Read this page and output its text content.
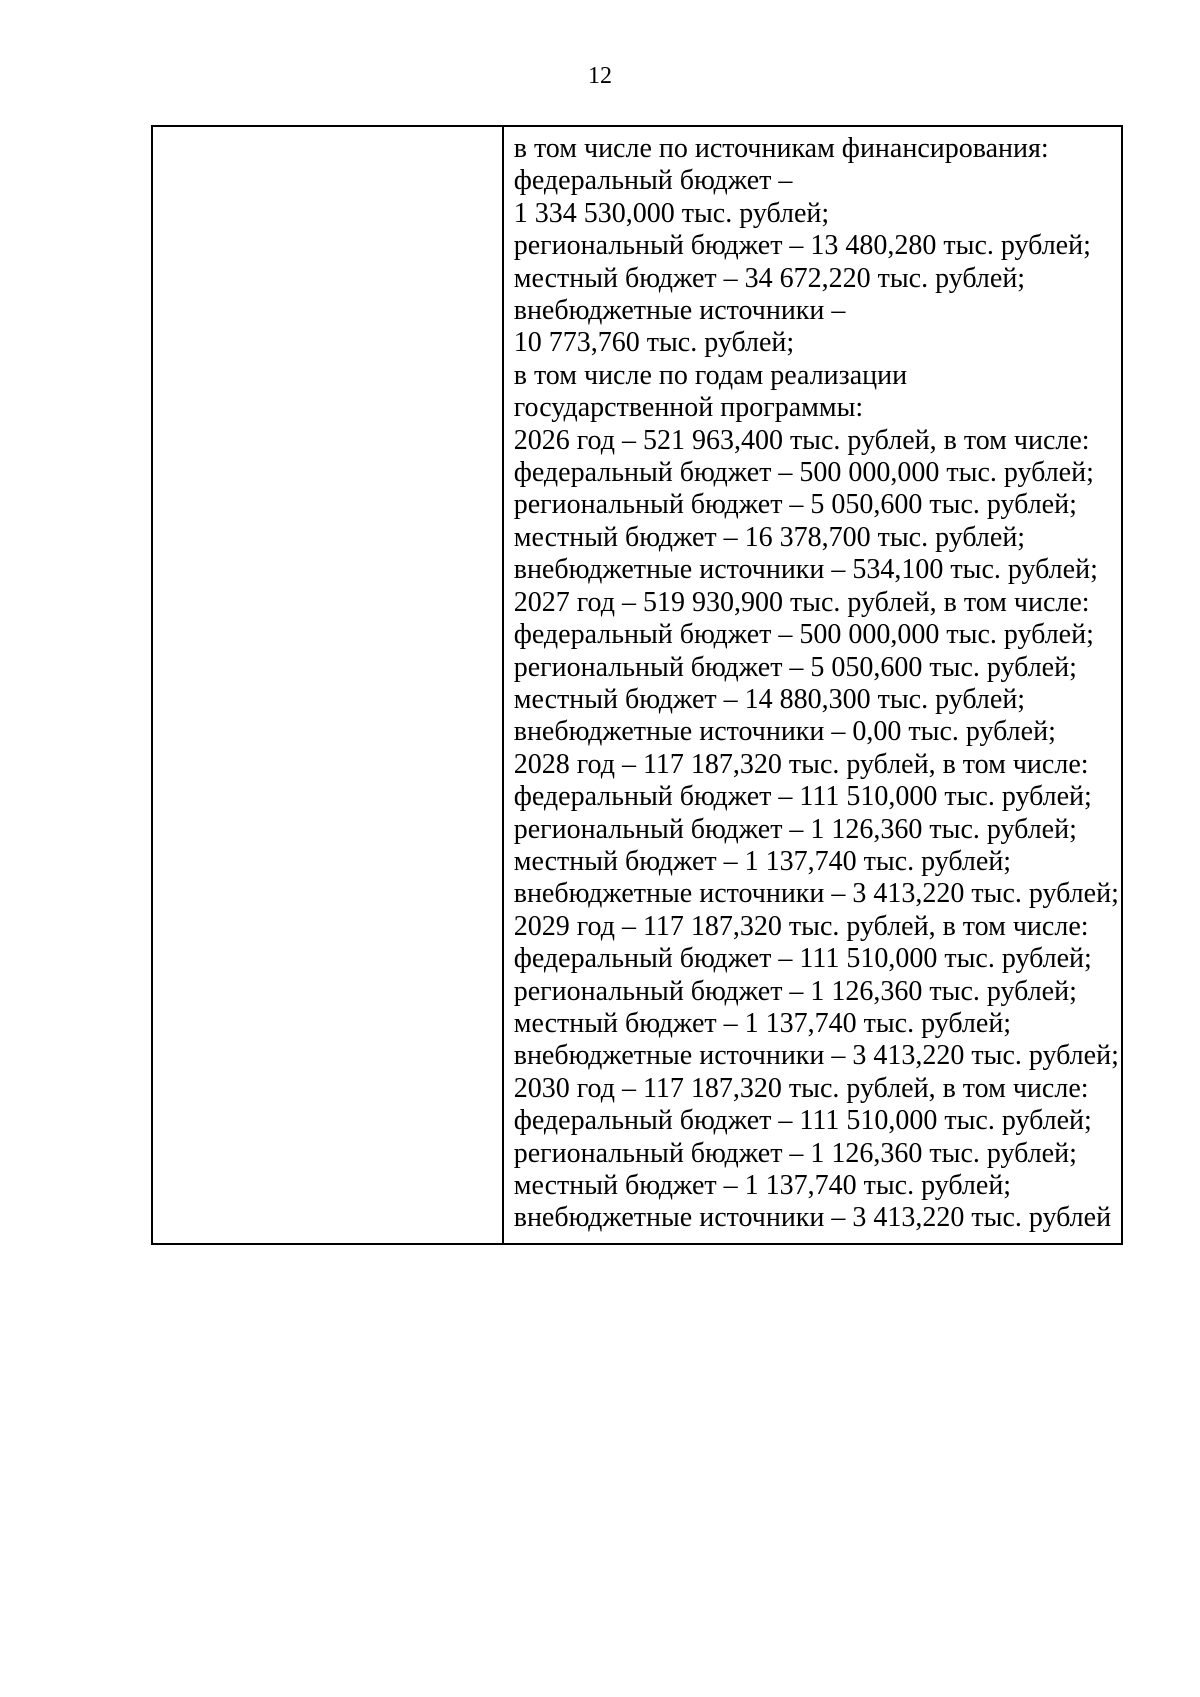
12

в том числе по источникам финансирования:
федеральный бюджет –
1 334 530,000 тыс. рублей;
региональный бюджет – 13 480,280 тыс. рублей;
местный бюджет – 34 672,220 тыс. рублей;
внебюджетные источники –
10 773,760 тыс. рублей;
в том числе по годам реализации
государственной программы:
2026 год – 521 963,400 тыс. рублей, в том числе:
федеральный бюджет – 500 000,000 тыс. рублей;
региональный бюджет – 5 050,600 тыс. рублей;
местный бюджет – 16 378,700 тыс. рублей;
внебюджетные источники – 534,100 тыс. рублей;
2027 год – 519 930,900 тыс. рублей, в том числе:
федеральный бюджет – 500 000,000 тыс. рублей;
региональный бюджет – 5 050,600 тыс. рублей;
местный бюджет – 14 880,300 тыс. рублей;
внебюджетные источники – 0,00 тыс. рублей;
2028 год – 117 187,320 тыс. рублей, в том числе:
федеральный бюджет – 111 510,000 тыс. рублей;
региональный бюджет – 1 126,360 тыс. рублей;
местный бюджет – 1 137,740 тыс. рублей;
внебюджетные источники – 3 413,220 тыс. рублей;
2029 год – 117 187,320 тыс. рублей, в том числе:
федеральный бюджет – 111 510,000 тыс. рублей;
региональный бюджет – 1 126,360 тыс. рублей;
местный бюджет – 1 137,740 тыс. рублей;
внебюджетные источники – 3 413,220 тыс. рублей;
2030 год – 117 187,320 тыс. рублей, в том числе:
федеральный бюджет – 111 510,000 тыс. рублей;
региональный бюджет – 1 126,360 тыс. рублей;
местный бюджет – 1 137,740 тыс. рублей;
внебюджетные источники – 3 413,220 тыс. рублей
